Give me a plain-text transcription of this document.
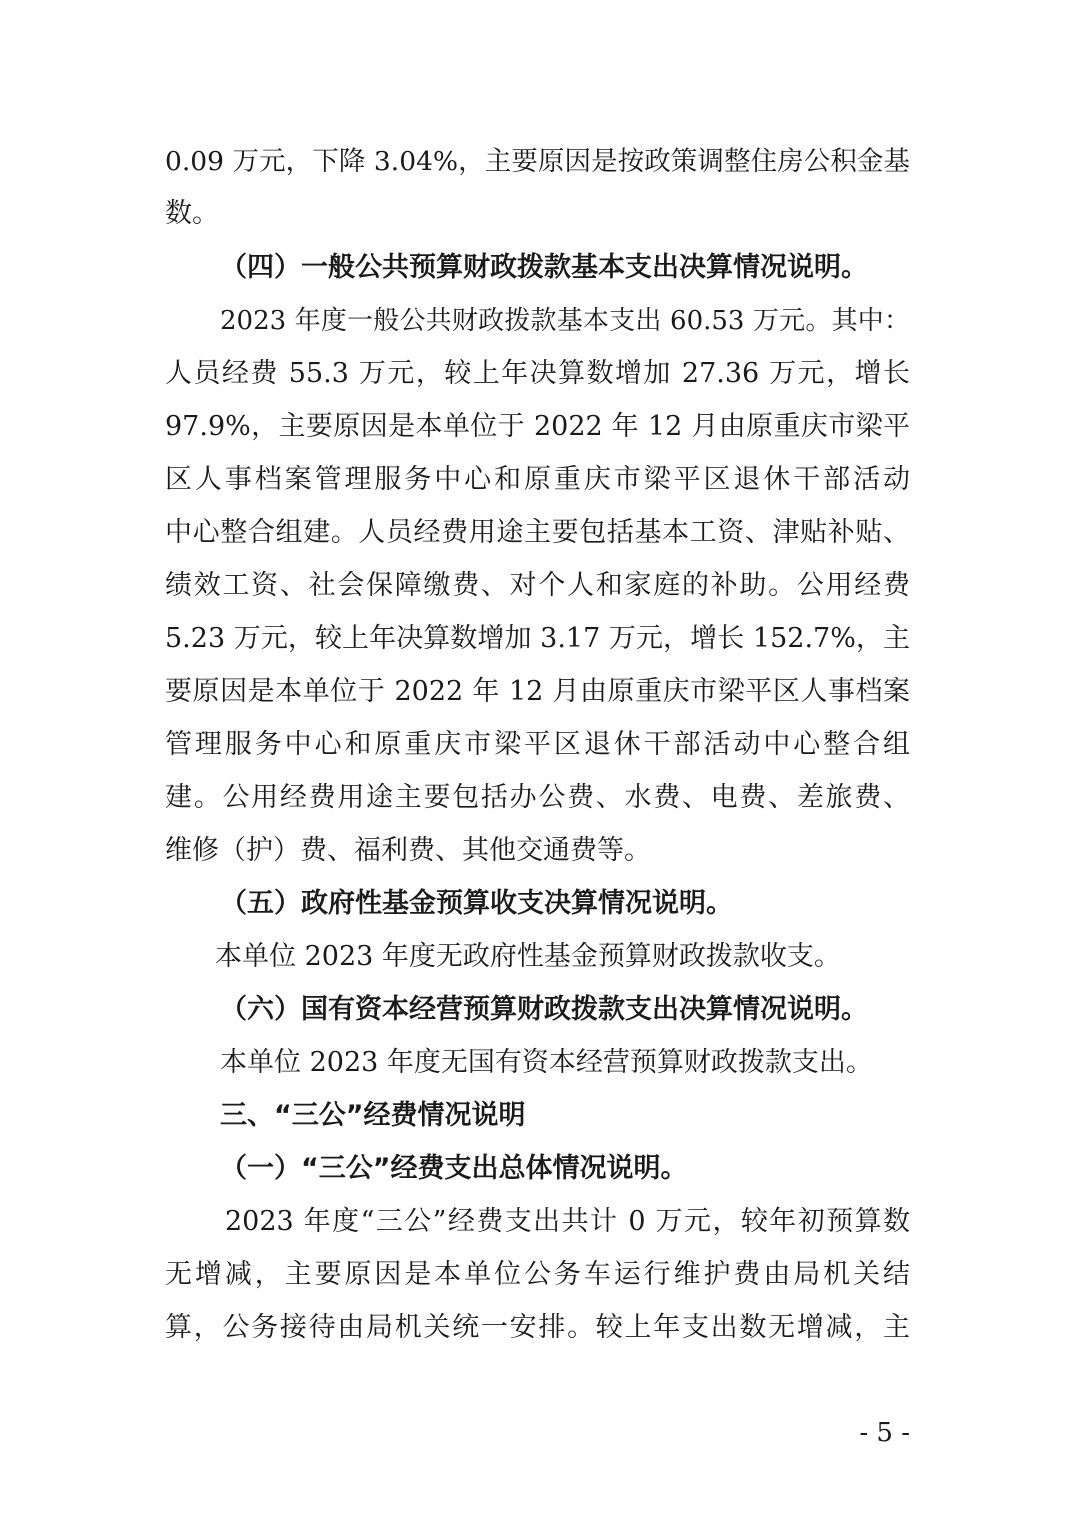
0.09 万元，下降 3.04%，主要原因是按政策调整住房公积金基
数。
（四）一般公共预算财政拨款基本支出决算情况说明。
2023 年度一般公共财政拨款基本支出 60.53 万元。其中：
人员经费 55.3 万元，较上年决算数增加 27.36 万元，增长
97.9%，主要原因是本单位于 2022 年 12 月由原重庆市梁平
区人事档案管理服务中心和原重庆市梁平区退休干部活动
中心整合组建。人员经费用途主要包括基本工资、津贴补贴、
绩效工资、社会保障缴费、对个人和家庭的补助。公用经费
5.23 万元，较上年决算数增加 3.17 万元，增长 152.7%，主
要原因是本单位于 2022 年 12 月由原重庆市梁平区人事档案
管理服务中心和原重庆市梁平区退休干部活动中心整合组
建。公用经费用途主要包括办公费、水费、电费、差旅费、
维修（护）费、福利费、其他交通费等。
（五）政府性基金预算收支决算情况说明。
本单位 2023 年度无政府性基金预算财政拨款收支。
（六）国有资本经营预算财政拨款支出决算情况说明。
本单位 2023 年度无国有资本经营预算财政拨款支出。
三、“三公”经费情况说明
（一）“三公”经费支出总体情况说明。
2023 年度“三公”经费支出共计 0 万元，较年初预算数
无增减，主要原因是本单位公务车运行维护费由局机关结
算，公务接待由局机关统一安排。较上年支出数无增减，主
- 5 -
